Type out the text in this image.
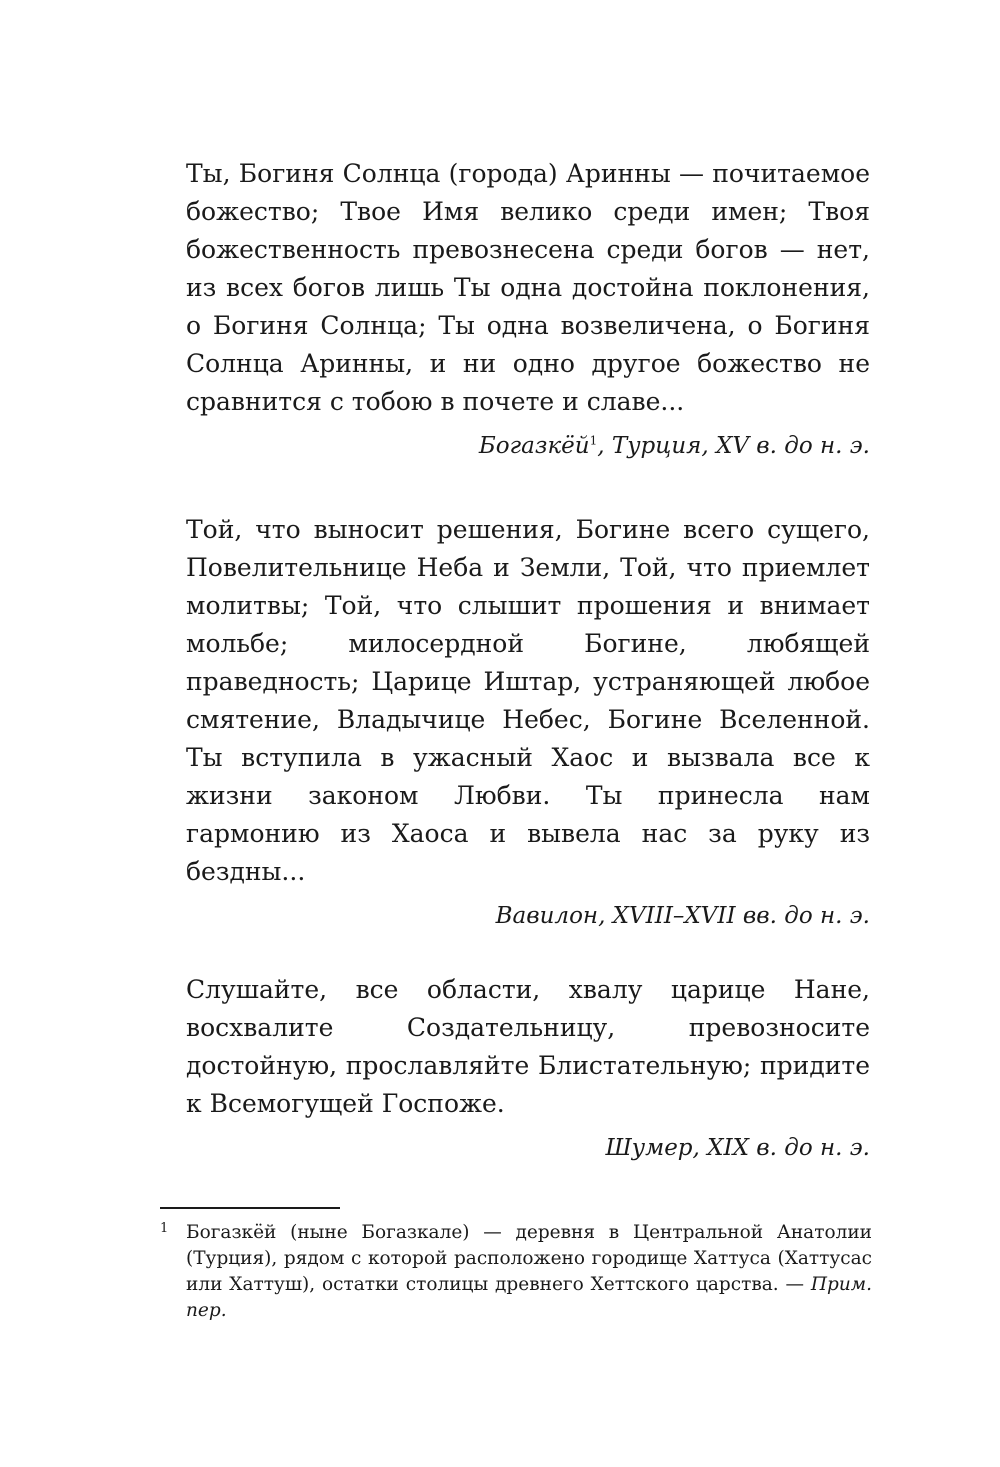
Ты, Богиня Солнца (города) Аринны — почитаемое божество; Твое Имя велико среди имен; Твоя божественность превознесена среди богов — нет, из всех богов лишь Ты одна достойна поклонения, о Богиня Солнца; Ты одна возвеличена, о Богиня Солнца Аринны, и ни одно другое божество не сравнится с тобою в почете и славе...

Богазкёй$^1$, Турция, XV в. до н. э.

Той, что выносит решения, Богине всего сущего, Повелительнице Неба и Земли, Той, что приемлет молитвы; Той, что слышит прошения и внимает мольбе; милосердной Богине, любящей праведность; Царице Иштар, устраняющей любое смятение, Владычице Небес, Богине Вселенной. Ты вступила в ужасный Хаос и вызвала все к жизни законом Любви. Ты принесла нам гармонию из Хаоса и вывела нас за руку из бездны...

Вавилон, XVIII–XVII вв. до н. э.

Слушайте, все области, хвалу царице Нане, восхвалите Создательницу, превозносите достойную, прославляйте Блистательную; придите к Всемогущей Госпоже.

Шумер, XIX в. до н. э.
1 Богазкёй (ныне Богазкале) — деревня в Центральной Анатолии (Турция), рядом с которой расположено городище Хаттуса (Хаттусас или Хаттуш), остатки столицы древнего Хеттского царства. — Прим. пер.
